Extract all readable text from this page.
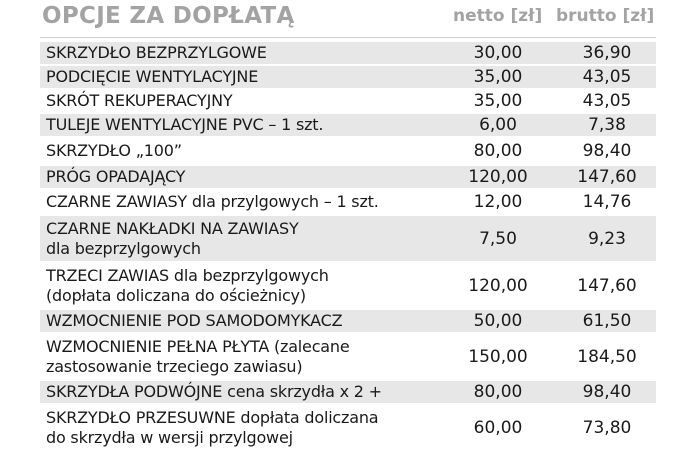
OPCJE ZA DOPŁATĄ	netto [zł] brutto [zł]
SKRZYDŁO BEZPRZYLGOWE	30,00	36,90
PODCIĘCIE WENTYLACYJNE	35,00	43,05
SKRÓT REKUPERACYJNY	35,00	43,05
TULEJE WENTYLACYJNE PVC – 1 szt.	6,00	7,38
SKRZYDŁO „100”	80,00	98,40
PRÓG OPADAJĄCY	120,00	147,60
CZARNE ZAWIASY dla przylgowych – 1 szt.	12,00	14,76
CZARNE NAKŁADKI NA ZAWIASY
dla bezprzylgowych	7,50	9,23
TRZECI ZAWIAS dla bezprzylgowych
(dopłata doliczana do ościeżnicy)	120,00	147,60
WZMOCNIENIE POD SAMODOMYKACZ	50,00	61,50
WZMOCNIENIE PEŁNA PŁYTA (zalecane
zastosowanie trzeciego zawiasu)	150,00	184,50
SKRZYDŁA PODWÓJNE cena skrzydła x 2 +	80,00	98,40
SKRZYDŁO PRZESUWNE dopłata doliczana
do skrzydła w wersji przylgowej	60,00	73,80
